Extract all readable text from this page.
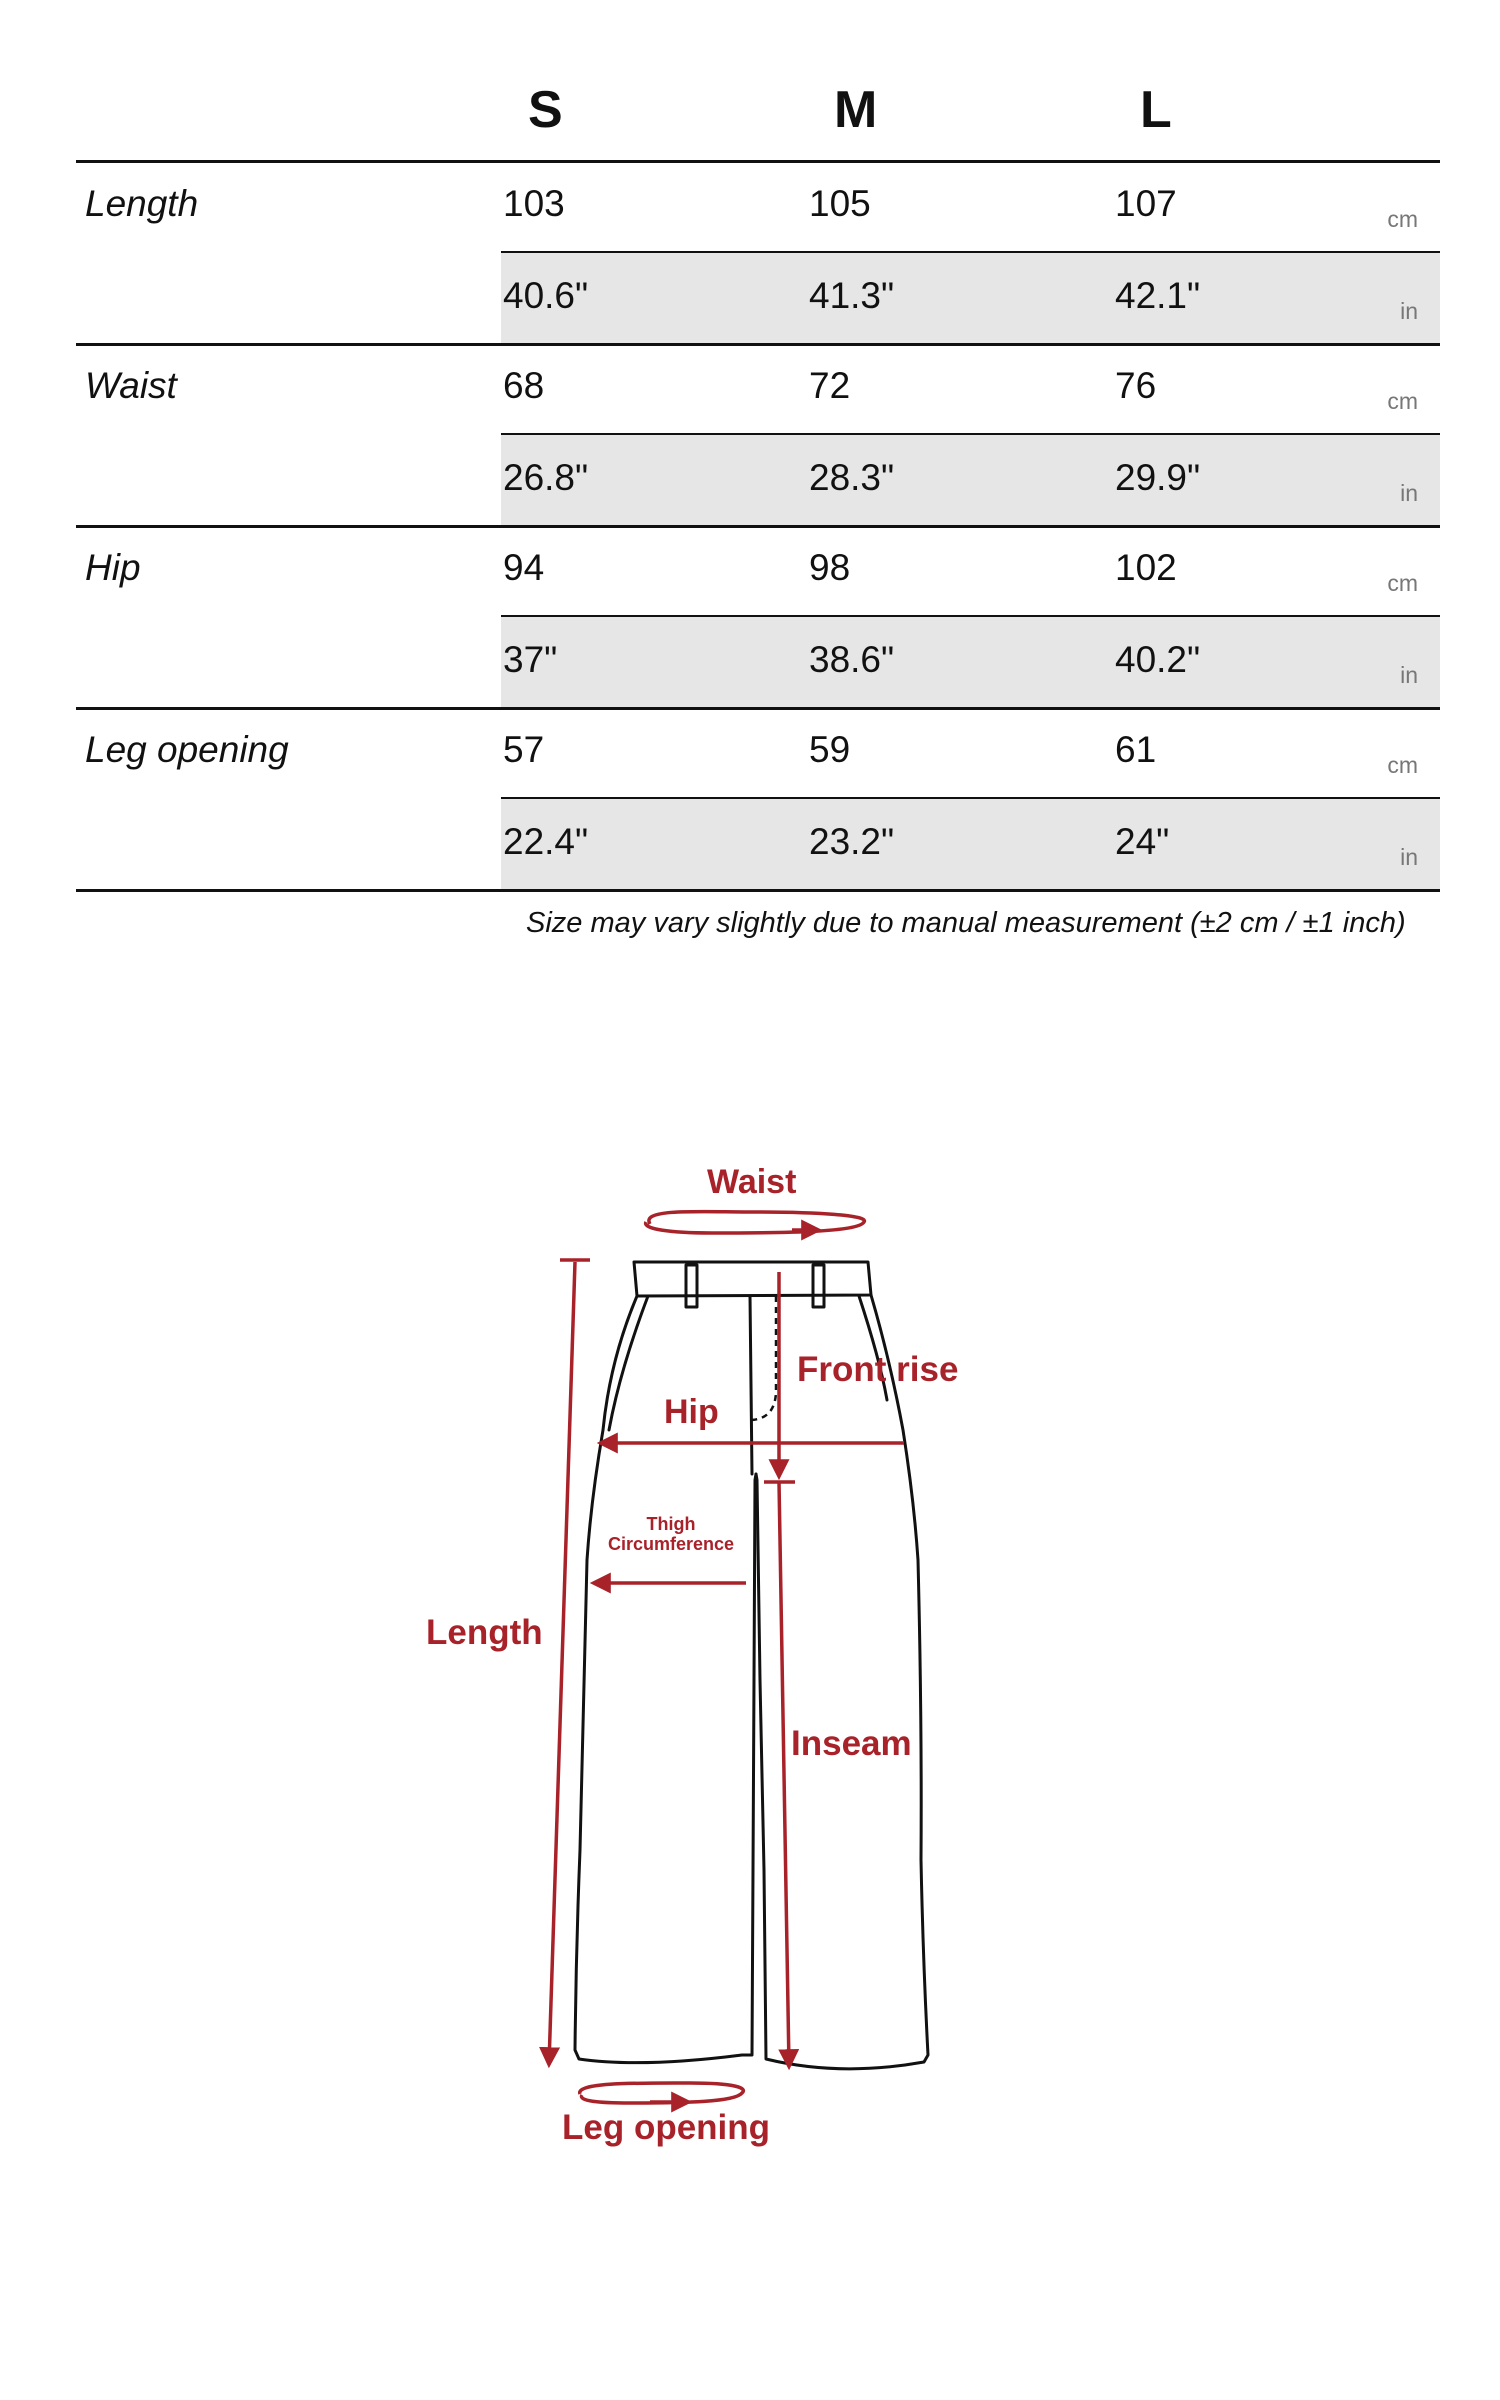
S	M	L
Length	103	105	107	cm
40.6"	41.3"	42.1"	in
Waist	68	72	76	cm
26.8"	28.3"	29.9"	in
Hip	94	98	102	cm
37"	38.6"	40.2"	in
Leg opening	57	59	61	cm
22.4"	23.2"	24"	in
Size may vary slightly due to manual measurement (±2 cm / ±1 inch)
Waist
Front rise
Hip
Thigh
Circumference
Length
Inseam
Leg opening
